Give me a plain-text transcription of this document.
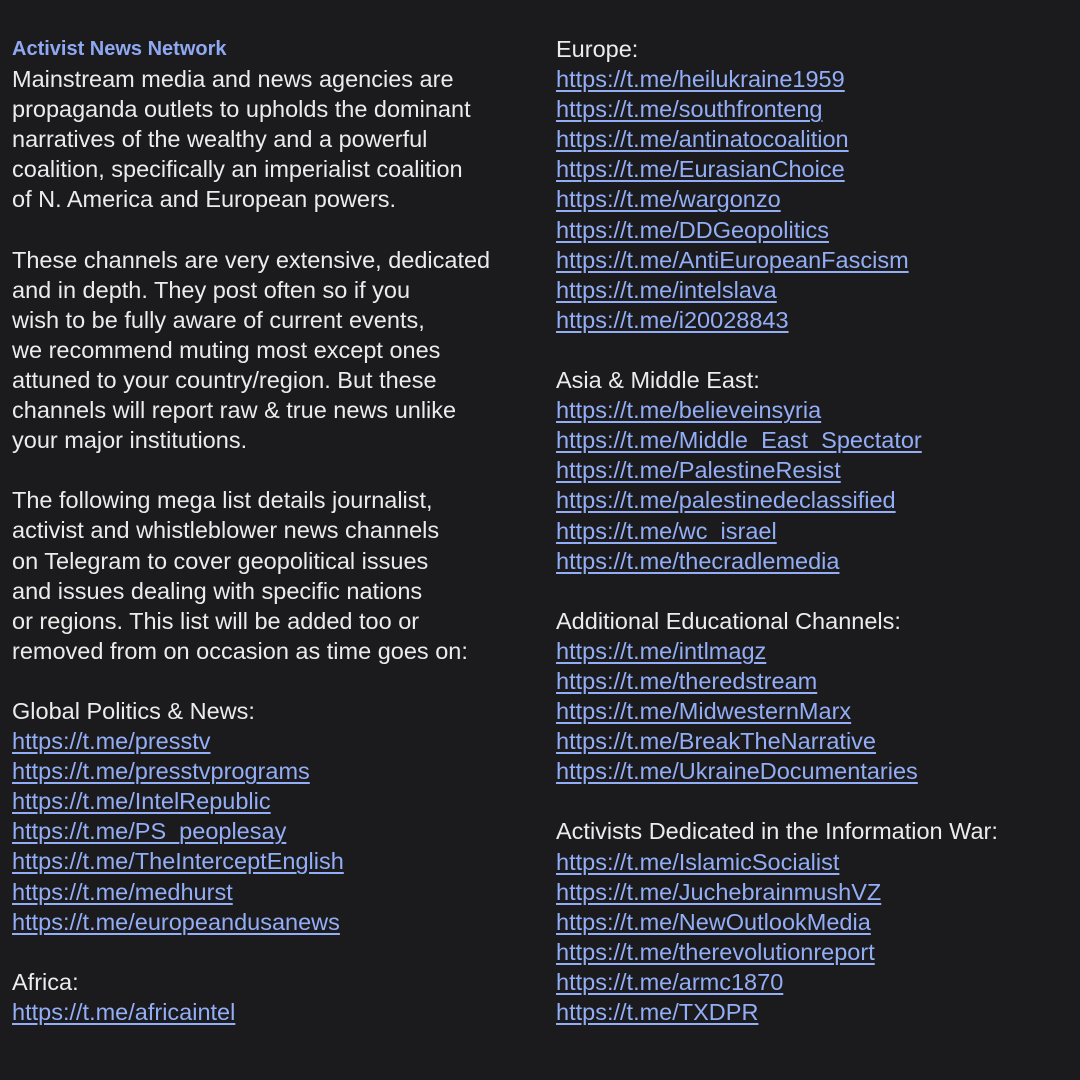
Activist News Network
Mainstream media and news agencies are
propaganda outlets to upholds the dominant
narratives of the wealthy and a powerful
coalition, specifically an imperialist coalition
of N. America and European powers.
These channels are very extensive, dedicated
and in depth. They post often so if you
wish to be fully aware of current events,
we recommend muting most except ones
attuned to your country/region. But these
channels will report raw & true news unlike
your major institutions.
The following mega list details journalist,
activist and whistleblower news channels
on Telegram to cover geopolitical issues
and issues dealing with specific nations
or regions. This list will be added too or
removed from on occasion as time goes on:
Global Politics & News:
https://t.me/presstv
https://t.me/presstvprograms
https://t.me/IntelRepublic
https://t.me/PS_peoplesay
https://t.me/TheInterceptEnglish
https://t.me/medhurst
https://t.me/europeandusanews
Africa:
https://t.me/africaintel
Europe:
https://t.me/heilukraine1959
https://t.me/southfronteng
https://t.me/antinatocoalition
https://t.me/EurasianChoice
https://t.me/wargonzo
https://t.me/DDGeopolitics
https://t.me/AntiEuropeanFascism
https://t.me/intelslava
https://t.me/i20028843
Asia & Middle East:
https://t.me/believeinsyria
https://t.me/Middle_East_Spectator
https://t.me/PalestineResist
https://t.me/palestinedeclassified
https://t.me/wc_israel
https://t.me/thecradlemedia
Additional Educational Channels:
https://t.me/intlmagz
https://t.me/theredstream
https://t.me/MidwesternMarx
https://t.me/BreakTheNarrative
https://t.me/UkraineDocumentaries
Activists Dedicated in the Information War:
https://t.me/IslamicSocialist
https://t.me/JuchebrainmushVZ
https://t.me/NewOutlookMedia
https://t.me/therevolutionreport
https://t.me/armc1870
https://t.me/TXDPR
